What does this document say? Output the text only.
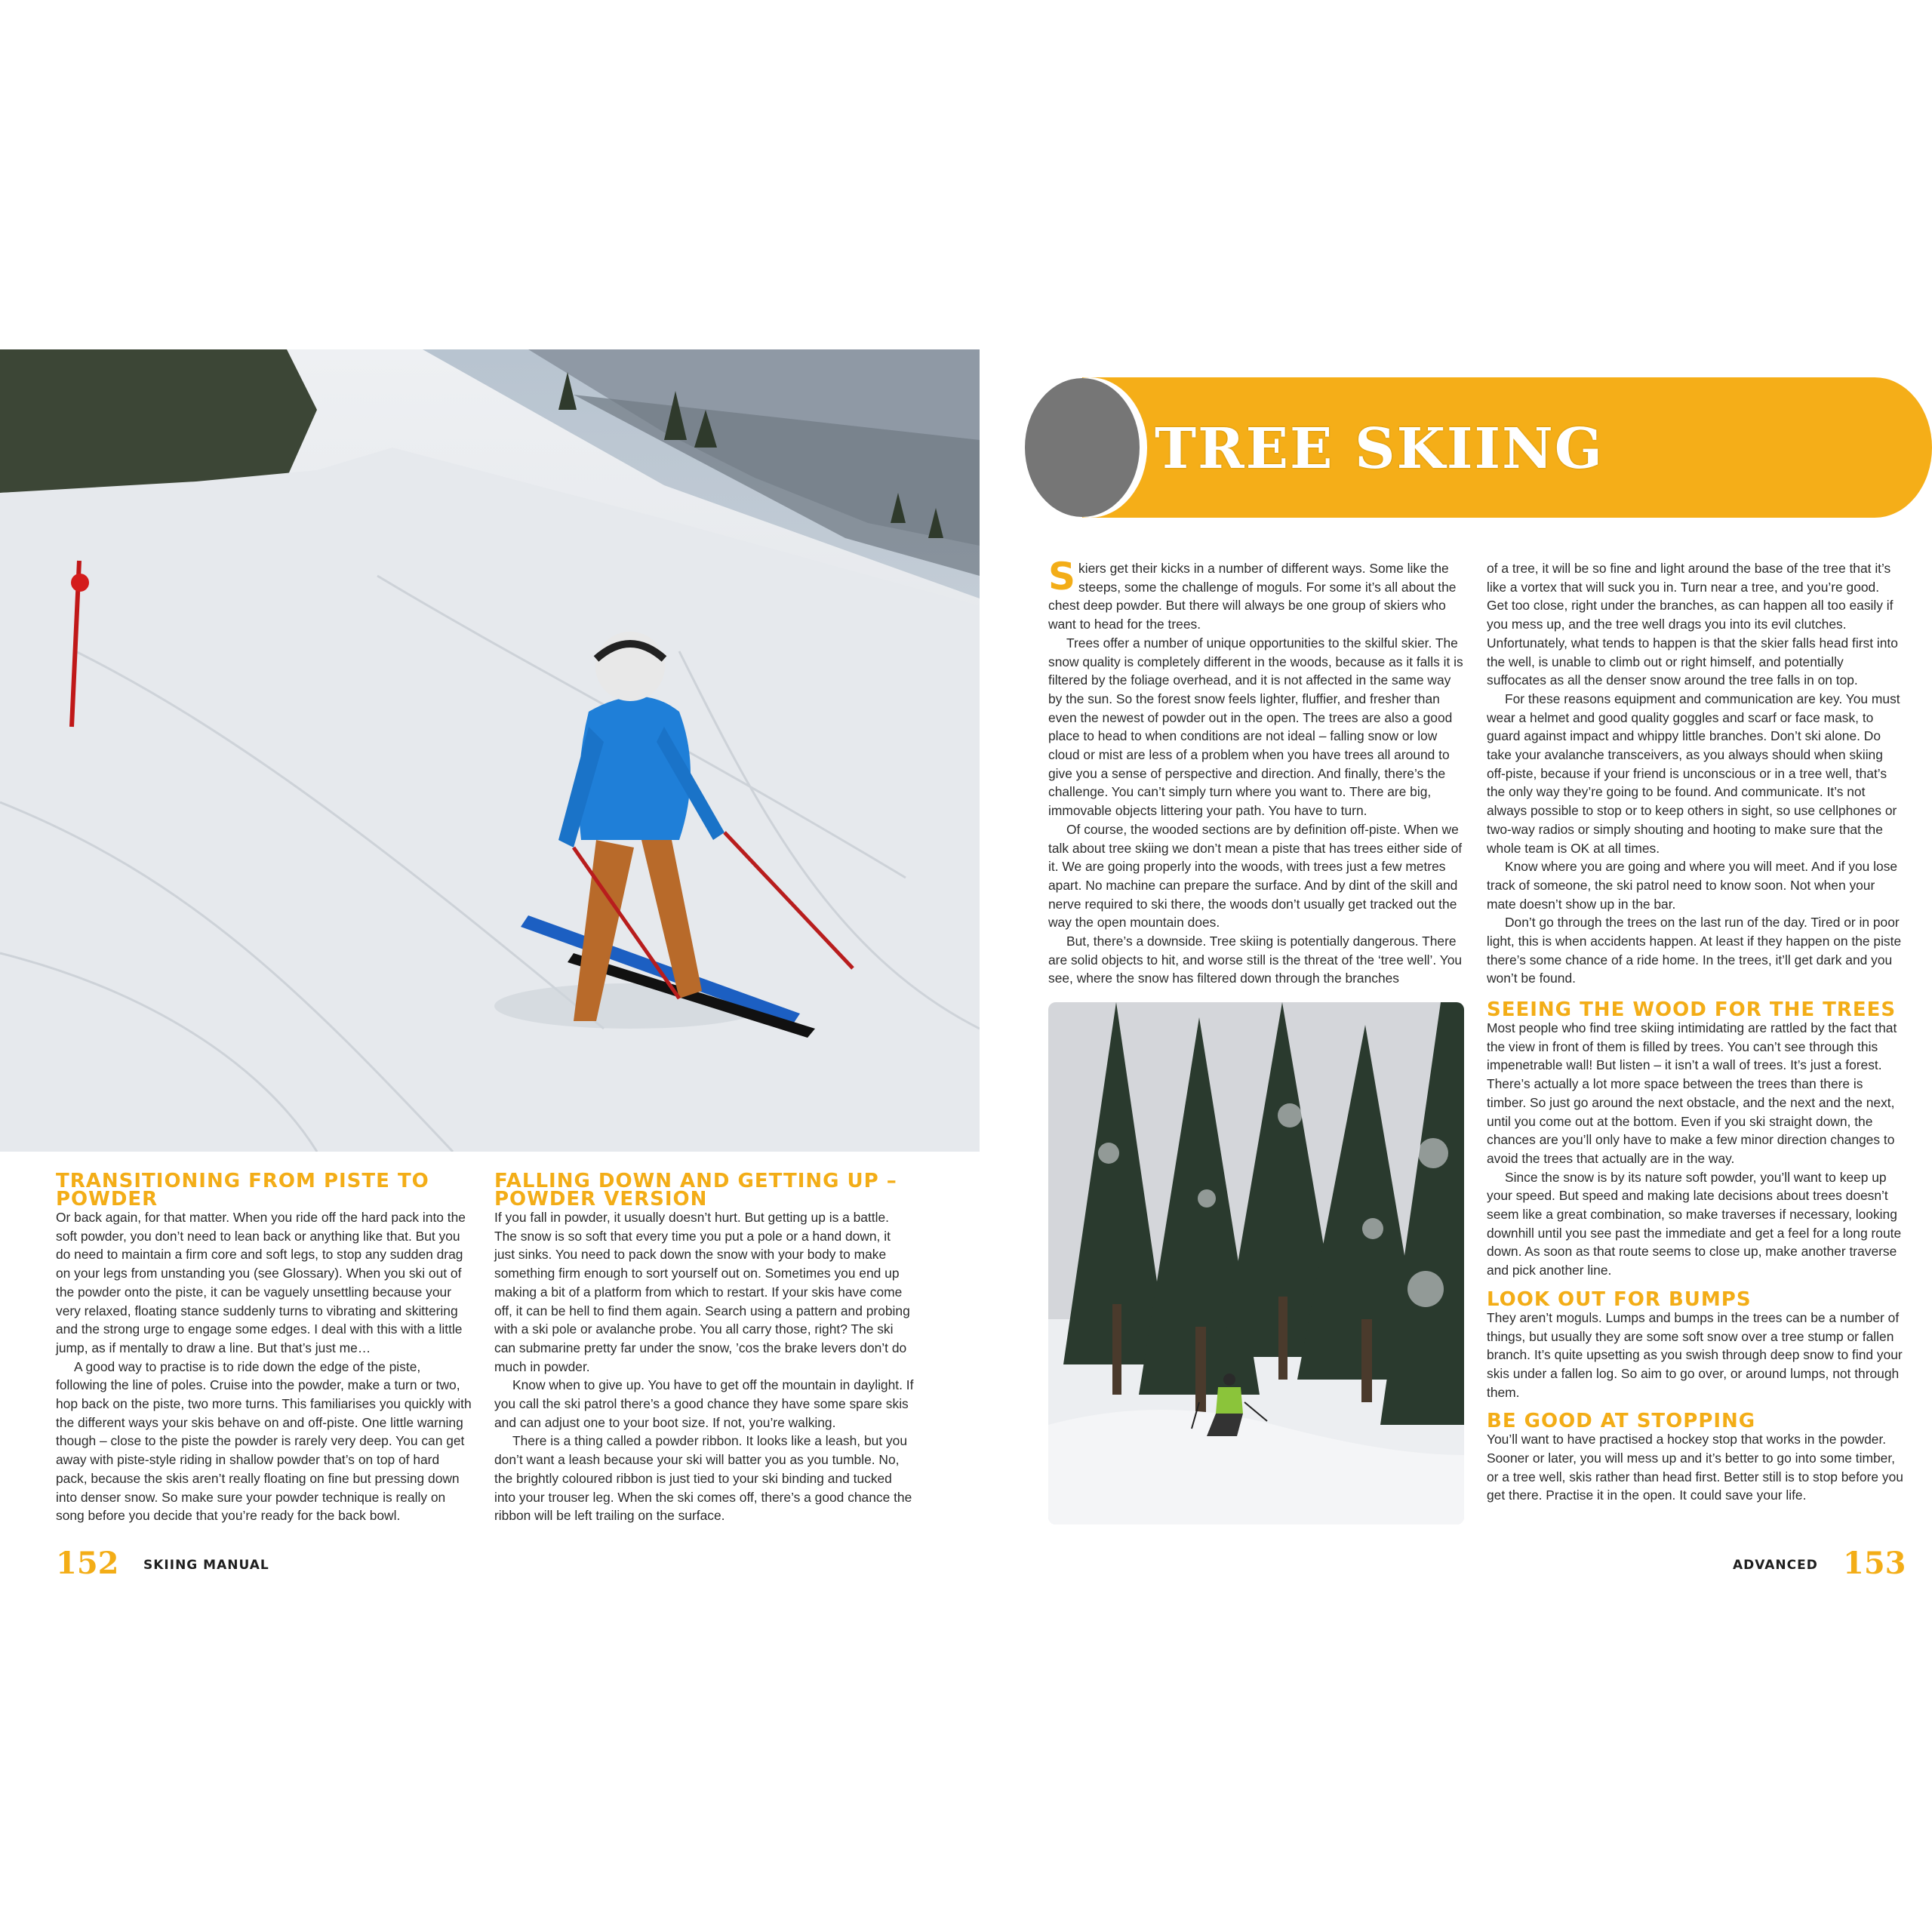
TREE SKIING
TRANSITIONING FROM PISTE TO POWDER

Or back again, for that matter. When you ride off the hard pack into the soft powder, you don’t need to lean back or anything like that. But you do need to maintain a firm core and soft legs, to stop any sudden drag on your legs from unstanding you (see Glossary). When you ski out of the powder onto the piste, it can be vaguely unsettling because your very relaxed, floating stance suddenly turns to vibrating and skittering and the strong urge to engage some edges. I deal with this with a little jump, as if mentally to draw a line. But that’s just me…

A good way to practise is to ride down the edge of the piste, following the line of poles. Cruise into the powder, make a turn or two, hop back on the piste, two more turns. This familiarises you quickly with the different ways your skis behave on and off-piste. One little warning though – close to the piste the powder is rarely very deep. You can get away with piste-style riding in shallow powder that’s on top of hard pack, because the skis aren’t really floating on fine but pressing down into denser snow. So make sure your powder technique is really on song before you decide that you’re ready for the back bowl.

FALLING DOWN AND GETTING UP – POWDER VERSION

If you fall in powder, it usually doesn’t hurt. But getting up is a battle. The snow is so soft that every time you put a pole or a hand down, it just sinks. You need to pack down the snow with your body to make something firm enough to sort yourself out on. Sometimes you end up making a bit of a platform from which to restart. If your skis have come off, it can be hell to find them again. Search using a pattern and probing with a ski pole or avalanche probe. You all carry those, right? The ski can submarine pretty far under the snow, ’cos the brake levers don’t do much in powder.

Know when to give up. You have to get off the mountain in daylight. If you call the ski patrol there’s a good chance they have some spare skis and can adjust one to your boot size. If not, you’re walking.

There is a thing called a powder ribbon. It looks like a leash, but you don’t want a leash because your ski will batter you as you tumble. No, the brightly coloured ribbon is just tied to your ski binding and tucked into your trouser leg. When the ski comes off, there’s a good chance the ribbon will be left trailing on the surface.

Skiers get their kicks in a number of different ways. Some like the steeps, some the challenge of moguls. For some it’s all about the chest deep powder. But there will always be one group of skiers who want to head for the trees.

Trees offer a number of unique opportunities to the skilful skier. The snow quality is completely different in the woods, because as it falls it is filtered by the foliage overhead, and it is not affected in the same way by the sun. So the forest snow feels lighter, fluffier, and fresher than even the newest of powder out in the open. The trees are also a good place to head to when conditions are not ideal – falling snow or low cloud or mist are less of a problem when you have trees all around to give you a sense of perspective and direction. And finally, there’s the challenge. You can’t simply turn where you want to. There are big, immovable objects littering your path. You have to turn.

Of course, the wooded sections are by definition off-piste. When we talk about tree skiing we don’t mean a piste that has trees either side of it. We are going properly into the woods, with trees just a few metres apart. No machine can prepare the surface. And by dint of the skill and nerve required to ski there, the woods don’t usually get tracked out the way the open mountain does.

But, there’s a downside. Tree skiing is potentially dangerous. There are solid objects to hit, and worse still is the threat of the ‘tree well’. You see, where the snow has filtered down through the branches

of a tree, it will be so fine and light around the base of the tree that it’s like a vortex that will suck you in. Turn near a tree, and you’re good. Get too close, right under the branches, as can happen all too easily if you mess up, and the tree well drags you into its evil clutches. Unfortunately, what tends to happen is that the skier falls head first into the well, is unable to climb out or right himself, and potentially suffocates as all the denser snow around the tree falls in on top.

For these reasons equipment and communication are key. You must wear a helmet and good quality goggles and scarf or face mask, to guard against impact and whippy little branches. Don’t ski alone. Do take your avalanche transceivers, as you always should when skiing off-piste, because if your friend is unconscious or in a tree well, that’s the only way they’re going to be found. And communicate. It’s not always possible to stop or to keep others in sight, so use cellphones or two-way radios or simply shouting and hooting to make sure that the whole team is OK at all times.

Know where you are going and where you will meet. And if you lose track of someone, the ski patrol need to know soon. Not when your mate doesn’t show up in the bar.

Don’t go through the trees on the last run of the day. Tired or in poor light, this is when accidents happen. At least if they happen on the piste there’s some chance of a ride home. In the trees, it’ll get dark and you won’t be found.

SEEING THE WOOD FOR THE TREES

Most people who find tree skiing intimidating are rattled by the fact that the view in front of them is filled by trees. You can’t see through this impenetrable wall! But listen – it isn’t a wall of trees. It’s just a forest. There’s actually a lot more space between the trees than there is timber. So just go around the next obstacle, and the next and the next, until you come out at the bottom. Even if you ski straight down, the chances are you’ll only have to make a few minor direction changes to avoid the trees that actually are in the way.

Since the snow is by its nature soft powder, you’ll want to keep up your speed. But speed and making late decisions about trees doesn’t seem like a great combination, so make traverses if necessary, looking downhill until you see past the immediate and get a feel for a long route down. As soon as that route seems to close up, make another traverse and pick another line.

LOOK OUT FOR BUMPS

They aren’t moguls. Lumps and bumps in the trees can be a number of things, but usually they are some soft snow over a tree stump or fallen branch. It’s quite upsetting as you swish through deep snow to find your skis under a fallen log. So aim to go over, or around lumps, not through them.

BE GOOD AT STOPPING

You’ll want to have practised a hockey stop that works in the powder. Sooner or later, you will mess up and it’s better to go into some timber, or a tree well, skis rather than head first. Better still is to stop before you get there. Practise it in the open. It could save your life.

152 SKIING MANUAL	ADVANCED 153
